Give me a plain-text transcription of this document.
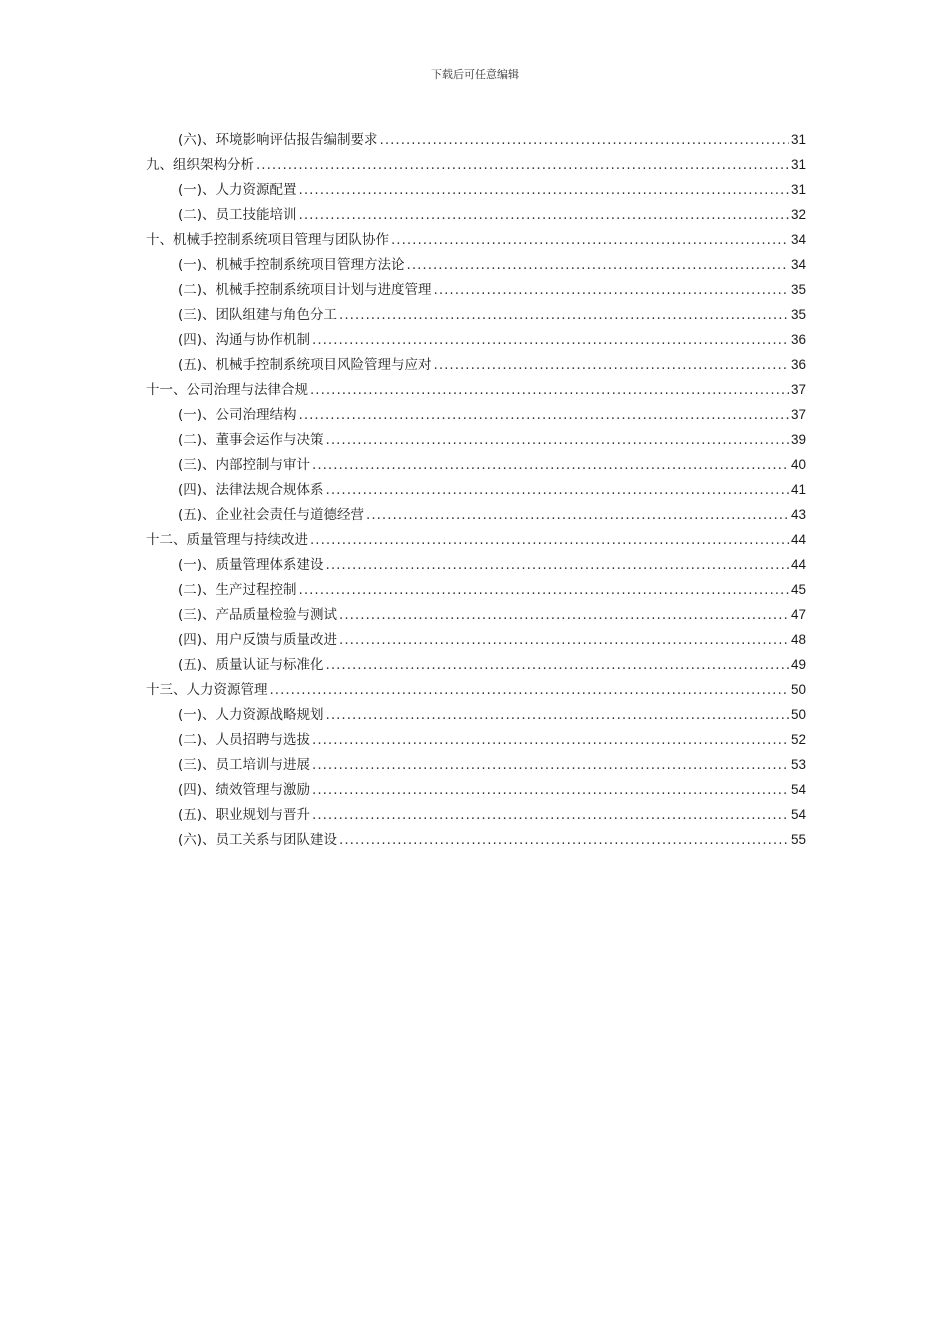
下载后可任意编辑
(六)、环境影响评估报告编制要求 .....	31
九、组织架构分析 .....	31
(一)、人力资源配置 .....	31
(二)、员工技能培训 .....	32
十、机械手控制系统项目管理与团队协作 .....	34
(一)、机械手控制系统项目管理方法论 .....	34
(二)、机械手控制系统项目计划与进度管理 .....	35
(三)、团队组建与角色分工 .....	35
(四)、沟通与协作机制 .....	36
(五)、机械手控制系统项目风险管理与应对 .....	36
十一、公司治理与法律合规 .....	37
(一)、公司治理结构 .....	37
(二)、董事会运作与决策 .....	39
(三)、内部控制与审计 .....	40
(四)、法律法规合规体系 .....	41
(五)、企业社会责任与道德经营 .....	43
十二、质量管理与持续改进 .....	44
(一)、质量管理体系建设 .....	44
(二)、生产过程控制 .....	45
(三)、产品质量检验与测试 .....	47
(四)、用户反馈与质量改进 .....	48
(五)、质量认证与标准化 .....	49
十三、人力资源管理 .....	50
(一)、人力资源战略规划 .....	50
(二)、人员招聘与选拔 .....	52
(三)、员工培训与进展 .....	53
(四)、绩效管理与激励 .....	54
(五)、职业规划与晋升 .....	54
(六)、员工关系与团队建设 .....	55
